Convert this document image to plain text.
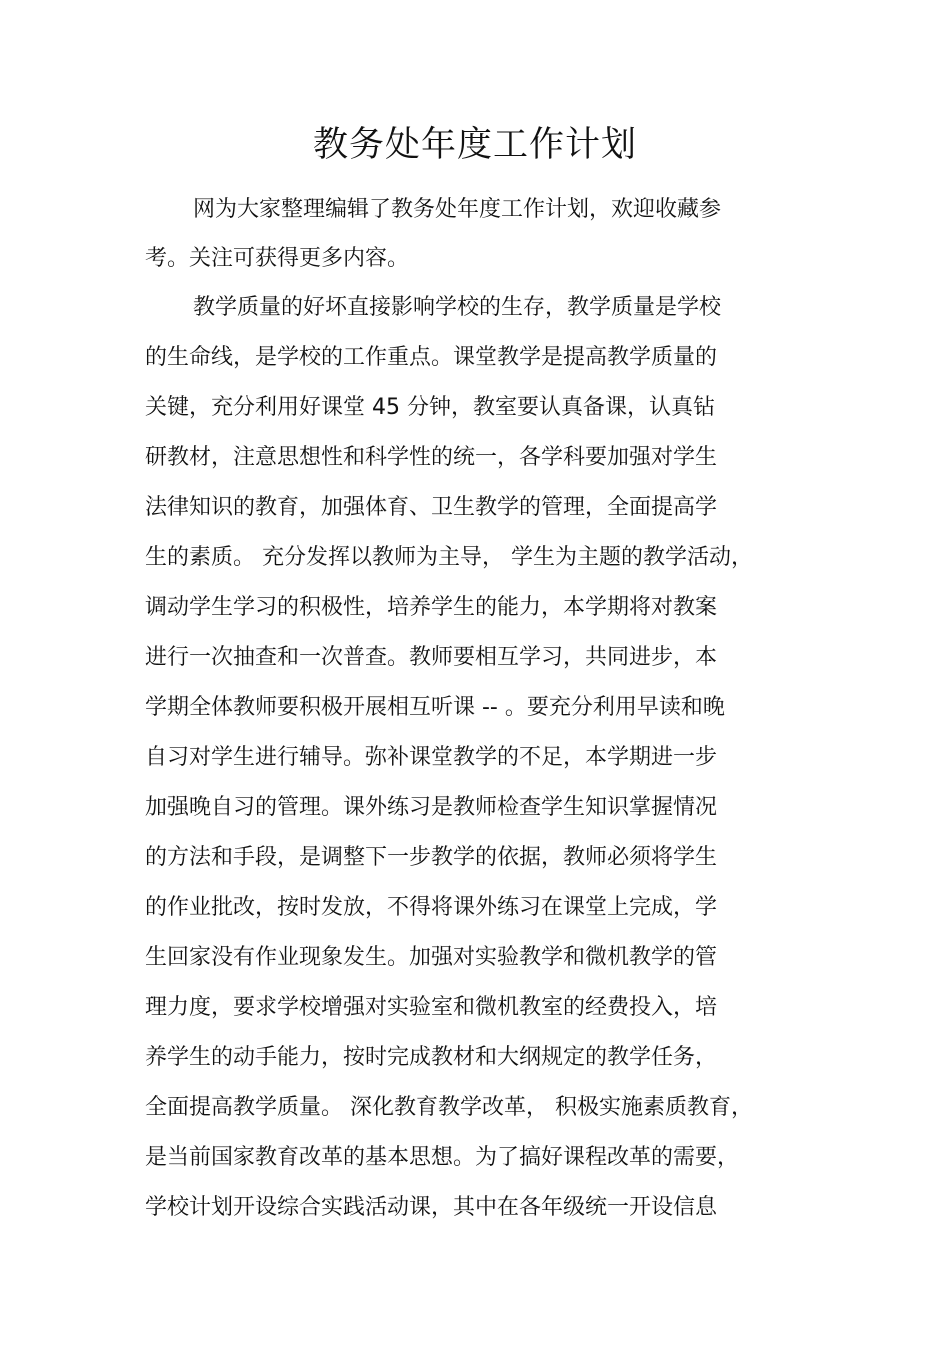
教务处年度工作计划
网为大家整理编辑了教务处年度工作计划，欢迎收藏参
考。关注可获得更多内容。
教学质量的好坏直接影响学校的生存，教学质量是学校
的生命线，是学校的工作重点。课堂教学是提高教学质量的
关键，充分利用好课堂 45 分钟，教室要认真备课，认真钻
研教材，注意思想性和科学性的统一，各学科要加强对学生
法律知识的教育，加强体育、卫生教学的管理，全面提高学
生的素质。 充分发挥以教师为主导， 学生为主题的教学活动，
调动学生学习的积极性，培养学生的能力，本学期将对教案
进行一次抽查和一次普查。教师要相互学习，共同进步，本
学期全体教师要积极开展相互听课 -- 。要充分利用早读和晚
自习对学生进行辅导。弥补课堂教学的不足，本学期进一步
加强晚自习的管理。课外练习是教师检查学生知识掌握情况
的方法和手段，是调整下一步教学的依据，教师必须将学生
的作业批改，按时发放，不得将课外练习在课堂上完成，学
生回家没有作业现象发生。加强对实验教学和微机教学的管
理力度，要求学校增强对实验室和微机教室的经费投入，培
养学生的动手能力，按时完成教材和大纲规定的教学任务，
全面提高教学质量。 深化教育教学改革， 积极实施素质教育，
是当前国家教育改革的基本思想。为了搞好课程改革的需要，
学校计划开设综合实践活动课，其中在各年级统一开设信息
